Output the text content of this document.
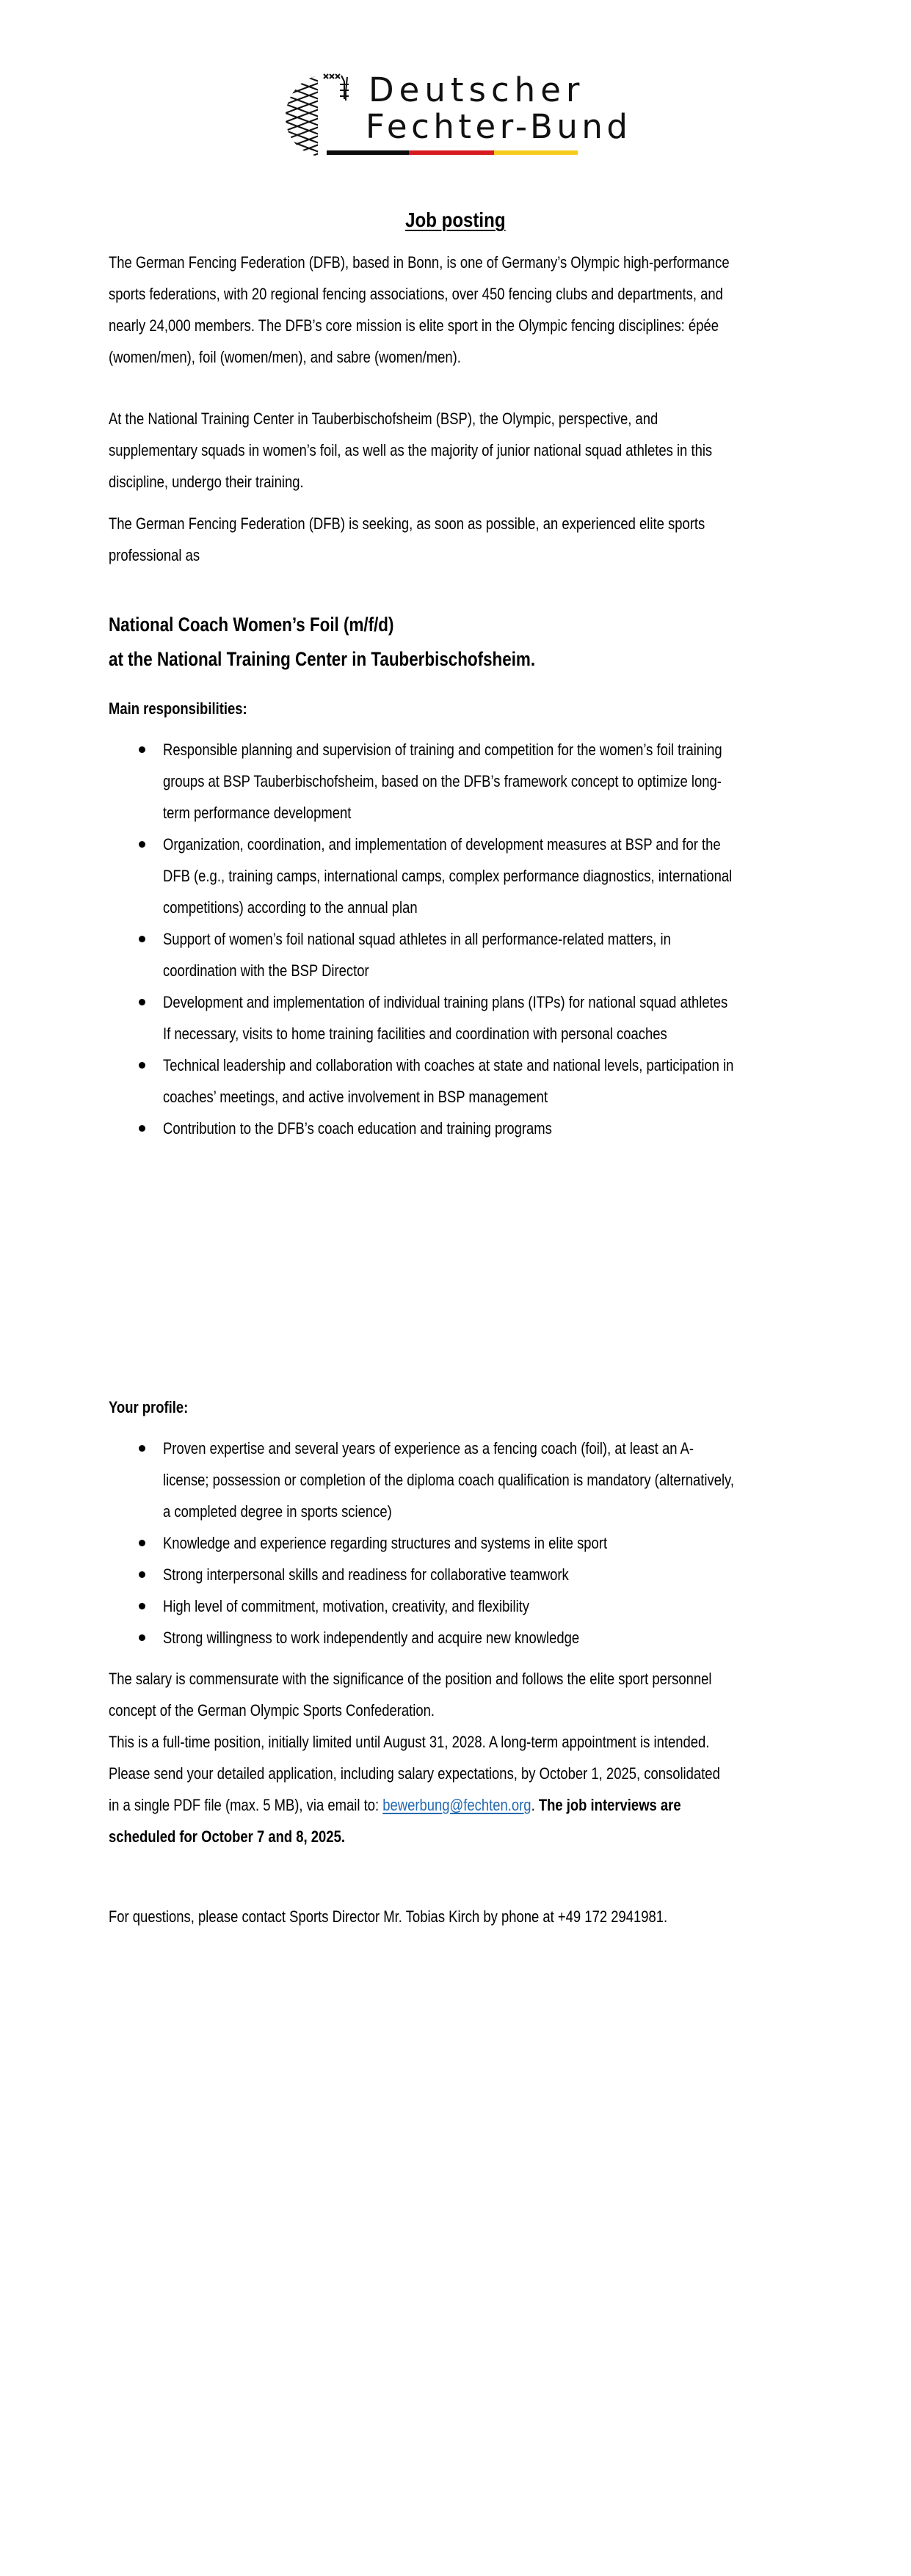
Deutscher
Fechter-Bund
Job posting
The German Fencing Federation (DFB), based in Bonn, is one of Germany’s Olympic high-performance
sports federations, with 20 regional fencing associations, over 450 fencing clubs and departments, and
nearly 24,000 members. The DFB’s core mission is elite sport in the Olympic fencing disciplines: épée
(women/men), foil (women/men), and sabre (women/men).
At the National Training Center in Tauberbischofsheim (BSP), the Olympic, perspective, and
supplementary squads in women’s foil, as well as the majority of junior national squad athletes in this
discipline, undergo their training.
The German Fencing Federation (DFB) is seeking, as soon as possible, an experienced elite sports
professional as
National Coach Women’s Foil (m/f/d)
at the National Training Center in Tauberbischofsheim.
Main responsibilities:
Responsible planning and supervision of training and competition for the women’s foil training
groups at BSP Tauberbischofsheim, based on the DFB’s framework concept to optimize long-
term performance development
Organization, coordination, and implementation of development measures at BSP and for the
DFB (e.g., training camps, international camps, complex performance diagnostics, international
competitions) according to the annual plan
Support of women’s foil national squad athletes in all performance-related matters, in
coordination with the BSP Director
Development and implementation of individual training plans (ITPs) for national squad athletes
If necessary, visits to home training facilities and coordination with personal coaches
Technical leadership and collaboration with coaches at state and national levels, participation in
coaches’ meetings, and active involvement in BSP management
Contribution to the DFB’s coach education and training programs
Your profile:
Proven expertise and several years of experience as a fencing coach (foil), at least an A-
license; possession or completion of the diploma coach qualification is mandatory (alternatively,
a completed degree in sports science)
Knowledge and experience regarding structures and systems in elite sport
Strong interpersonal skills and readiness for collaborative teamwork
High level of commitment, motivation, creativity, and flexibility
Strong willingness to work independently and acquire new knowledge
The salary is commensurate with the significance of the position and follows the elite sport personnel
concept of the German Olympic Sports Confederation.
This is a full-time position, initially limited until August 31, 2028. A long-term appointment is intended.
Please send your detailed application, including salary expectations, by October 1, 2025, consolidated
in a single PDF file (max. 5 MB), via email to: bewerbung@fechten.org. The job interviews are
scheduled for October 7 and 8, 2025.
For questions, please contact Sports Director Mr. Tobias Kirch by phone at +49 172 2941981.
